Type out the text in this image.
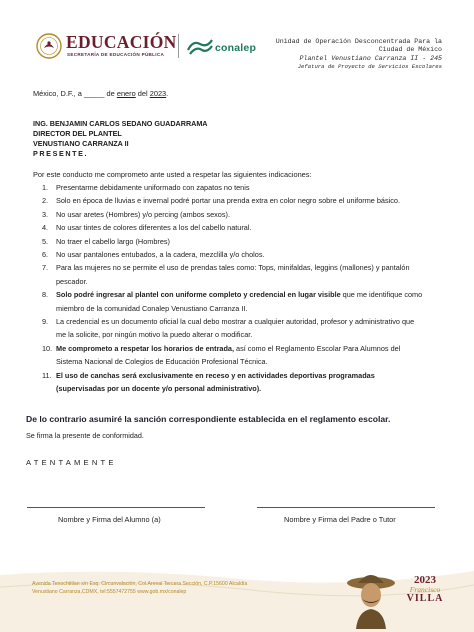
EDUCACIÓN
SECRETARÍA DE EDUCACIÓN PÚBLICA
conalep
Unidad de Operación Desconcentrada Para la
Ciudad de México
Plantel Venustiano Carranza II - 245
Jefatura de Proyecto de Servicios Escolares
México, D.F., a _____ de enero del 2023.
ING. BENJAMIN CARLOS SEDANO GUADARRAMA
DIRECTOR DEL PLANTEL
VENUSTIANO CARRANZA II
PRESENTE.
Por este conducto me comprometo ante usted a respetar las siguientes indicaciones:
1.	Presentarme debidamente uniformado con zapatos no tenis
2.	Solo en época de lluvias e invernal podré portar una prenda extra en color negro sobre el uniforme básico.
3.	No usar aretes (Hombres) y/o percing (ambos sexos).
4.	No usar tintes de colores diferentes a los del cabello natural.
5.	No traer el cabello largo (Hombres)
6.	No usar pantalones entubados, a la cadera, mezclilla y/o cholos.
7.	Para las mujeres no se permite el uso de prendas tales como: Tops, minifaldas, leggins (mallones) y pantalón
pescador.
8.	Solo podré ingresar al plantel con uniforme completo y credencial en lugar visible que me identifique como
miembro de la comunidad Conalep Venustiano Carranza II.
9.	La credencial es un documento oficial la cual debo mostrar a cualquier autoridad, profesor y administrativo que
me la solicite, por ningún motivo la puedo alterar o modificar.
10. Me comprometo a respetar los horarios de entrada, así como el Reglamento Escolar Para Alumnos del
Sistema Nacional de Colegios de Educación Profesional Técnica.
11. El uso de canchas será exclusivamente en receso y en actividades deportivas programadas
(supervisadas por un docente y/o personal administrativo).
De lo contrario asumiré la sanción correspondiente establecida en el reglamento escolar.
Se firma la presente de conformidad.
ATENTAMENTE
Nombre y Firma del Alumno (a)	Nombre y Firma del Padre o Tutor
Avenida Tenochtitlan s/n Esq. Circunvalación, Col.Arenal Tercera Sección, C.P.15600 Alcaldía
Venustiano Carranza,CDMX, tel:5557472755 www.gob.mx/conalep
2023
Francisco
VILLA
